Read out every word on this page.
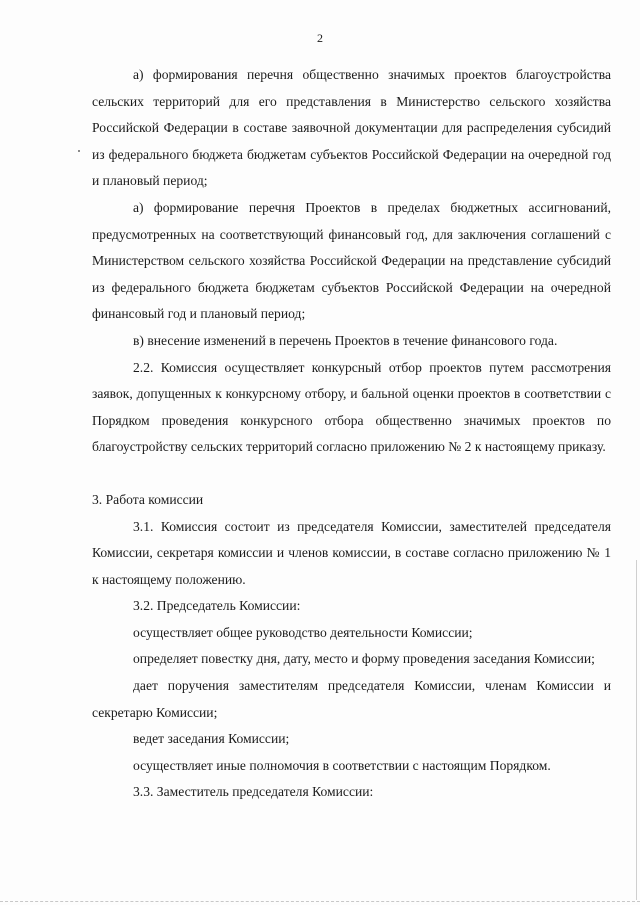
2

а) формирования перечня общественно значимых проектов благоустройства сельских территорий для его представления в Министерство сельского хозяйства Российской Федерации в составе заявочной документации для распределения субсидий из федерального бюджета бюджетам субъектов Российской Федерации на очередной год и плановый период;

а) формирование перечня Проектов в пределах бюджетных ассигнований, предусмотренных на соответствующий финансовый год, для заключения соглашений с Министерством сельского хозяйства Российской Федерации на представление субсидий из федерального бюджета бюджетам субъектов Российской Федерации на очередной финансовый год и плановый период;

в) внесение изменений в перечень Проектов в течение финансового года.

2.2. Комиссия осуществляет конкурсный отбор проектов путем рассмотрения заявок, допущенных к конкурсному отбору, и бальной оценки проектов в соответствии с Порядком проведения конкурсного отбора общественно значимых проектов по благоустройству сельских территорий согласно приложению № 2 к настоящему приказу.

3. Работа комиссии

3.1. Комиссия состоит из председателя Комиссии, заместителей председателя Комиссии, секретаря комиссии и членов комиссии, в составе согласно приложению № 1 к настоящему положению.

3.2. Председатель Комиссии:

осуществляет общее руководство деятельности Комиссии;

определяет повестку дня, дату, место и форму проведения заседания Комиссии;

дает поручения заместителям председателя Комиссии, членам Комиссии и секретарю Комиссии;

ведет заседания Комиссии;

осуществляет иные полномочия в соответствии с настоящим Порядком.

3.3. Заместитель председателя Комиссии:
